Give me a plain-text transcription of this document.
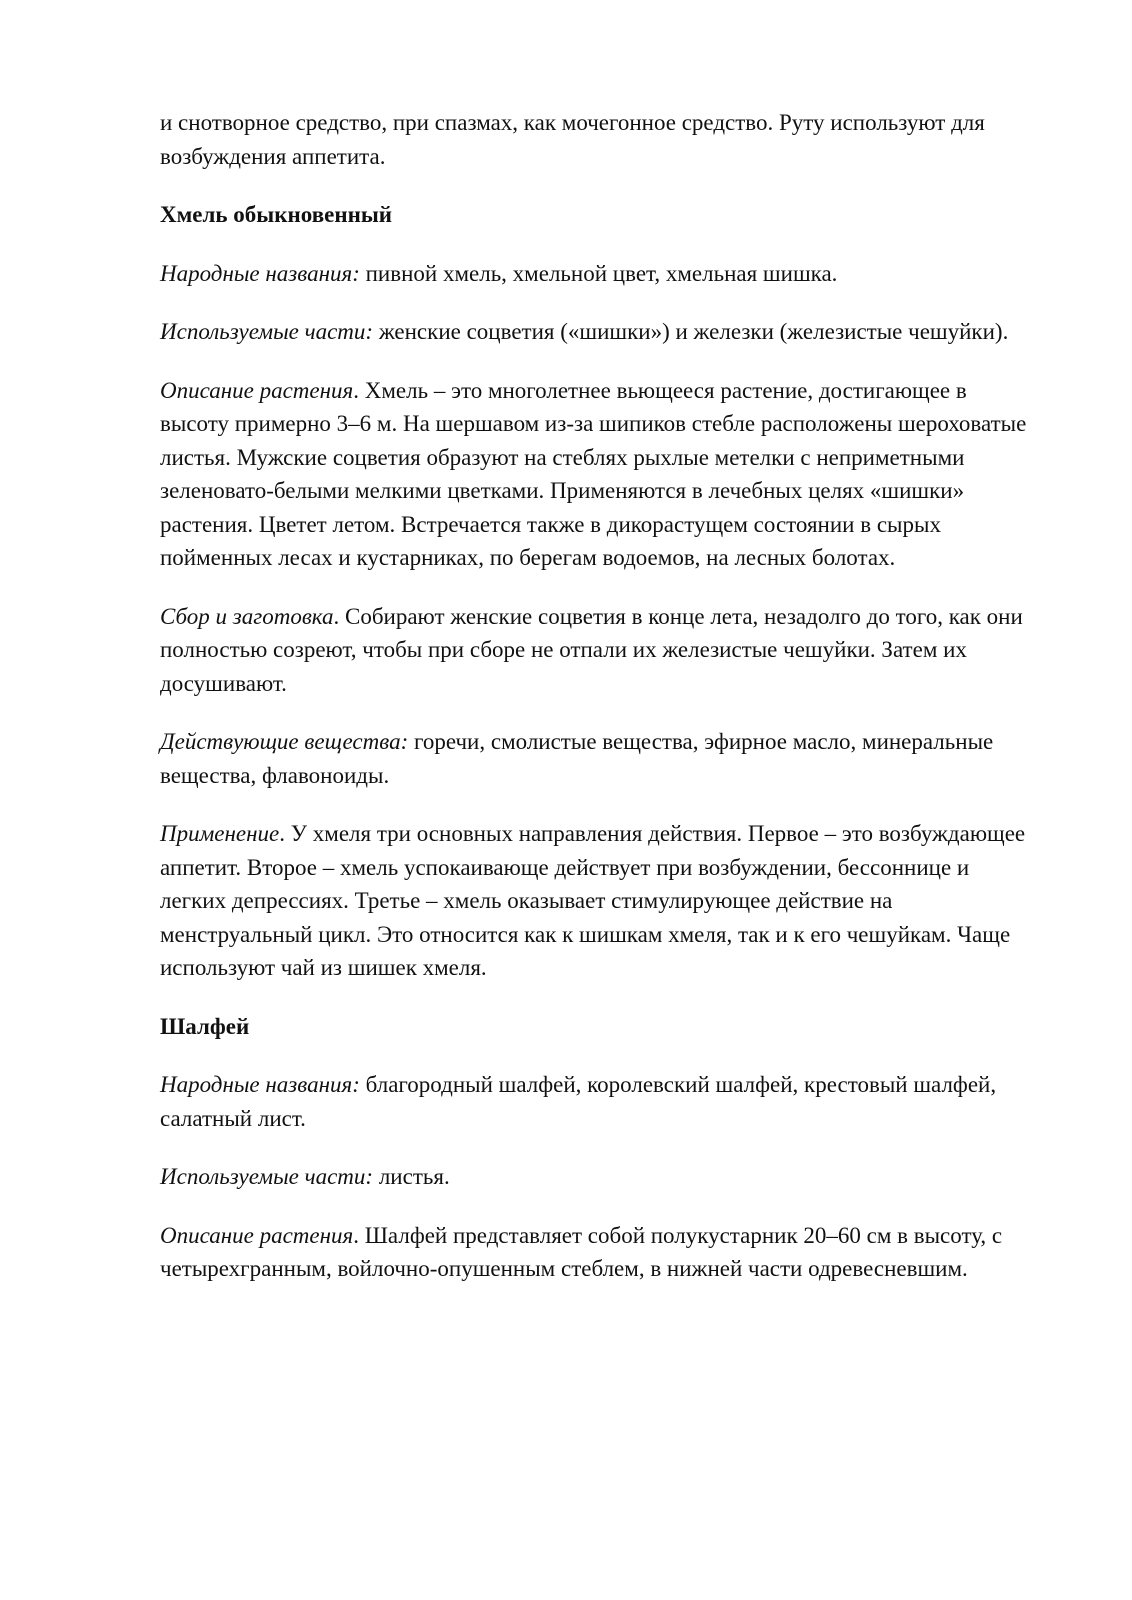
и снотворное средство, при спазмах, как мочегонное средство. Руту используют для возбуждения аппетита.

Хмель обыкновенный

Народные названия: пивной хмель, хмельной цвет, хмельная шишка.

Используемые части: женские соцветия («шишки») и железки (железистые чешуйки).

Описание растения. Хмель – это многолетнее вьющееся растение, достигающее в высоту примерно 3–6 м. На шершавом из-за шипиков стебле расположены шероховатые листья. Мужские соцветия образуют на стеблях рыхлые метелки с неприметными зеленовато-белыми мелкими цветками. Применяются в лечебных целях «шишки» растения. Цветет летом. Встречается также в дикорастущем состоянии в сырых пойменных лесах и кустарниках, по берегам водоемов, на лесных болотах.

Сбор и заготовка. Собирают женские соцветия в конце лета, незадолго до того, как они полностью созреют, чтобы при сборе не отпали их железистые чешуйки. Затем их досушивают.

Действующие вещества: горечи, смолистые вещества, эфирное масло, минеральные вещества, флавоноиды.

Применение. У хмеля три основных направления действия. Первое – это возбуждающее аппетит. Второе – хмель успокаивающе действует при возбуждении, бессоннице и легких депрессиях. Третье – хмель оказывает стимулирующее действие на менструальный цикл. Это относится как к шишкам хмеля, так и к его чешуйкам. Чаще используют чай из шишек хмеля.

Шалфей

Народные названия: благородный шалфей, королевский шалфей, крестовый шалфей, салатный лист.

Используемые части: листья.

Описание растения. Шалфей представляет собой полукустарник 20–60 см в высоту, с четырехгранным, войлочно-опушенным стеблем, в нижней части одревесневшим.
